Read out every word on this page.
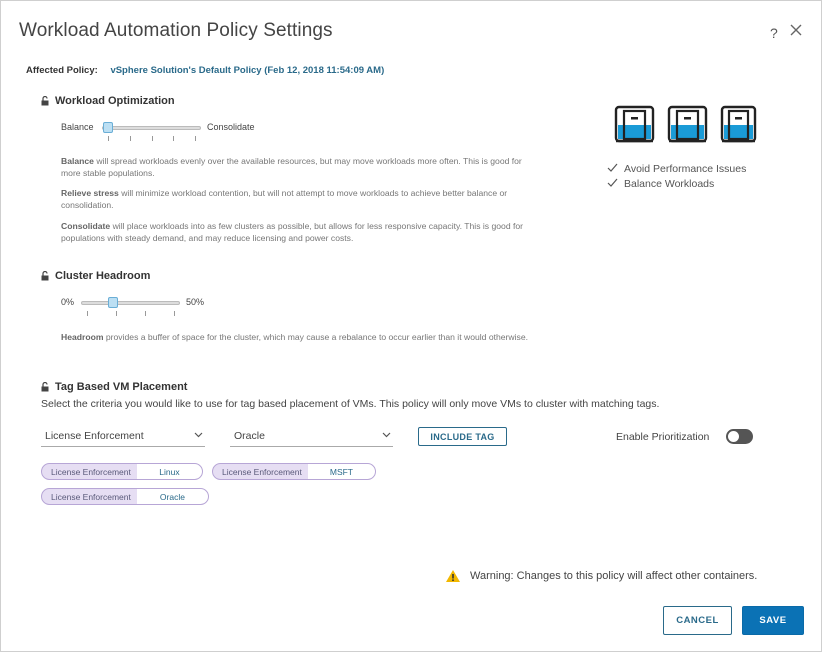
Workload Automation Policy Settings	?
Affected Policy: vSphere Solution's Default Policy (Feb 12, 2018 11:54:09 AM)
Workload Optimization
Balance	Consolidate
Balance will spread workloads evenly over the available resources, but may move workloads more often. This is good for more stable populations.
Relieve stress will minimize workload contention, but will not attempt to move workloads to achieve better balance or consolidation.
Consolidate will place workloads into as few clusters as possible, but allows for less responsive capacity. This is good for populations with steady demand, and may reduce licensing and power costs.
Avoid Performance Issues
Balance Workloads
Cluster Headroom
0%	50%
Headroom provides a buffer of space for the cluster, which may cause a rebalance to occur earlier than it would otherwise.
Tag Based VM Placement
Select the criteria you would like to use for tag based placement of VMs. This policy will only move VMs to cluster with matching tags.
License Enforcement	Oracle	INCLUDE TAG	Enable Prioritization
License Enforcement	Linux	License Enforcement	MSFT
License Enforcement	Oracle
Warning: Changes to this policy will affect other containers.
CANCEL	SAVE
